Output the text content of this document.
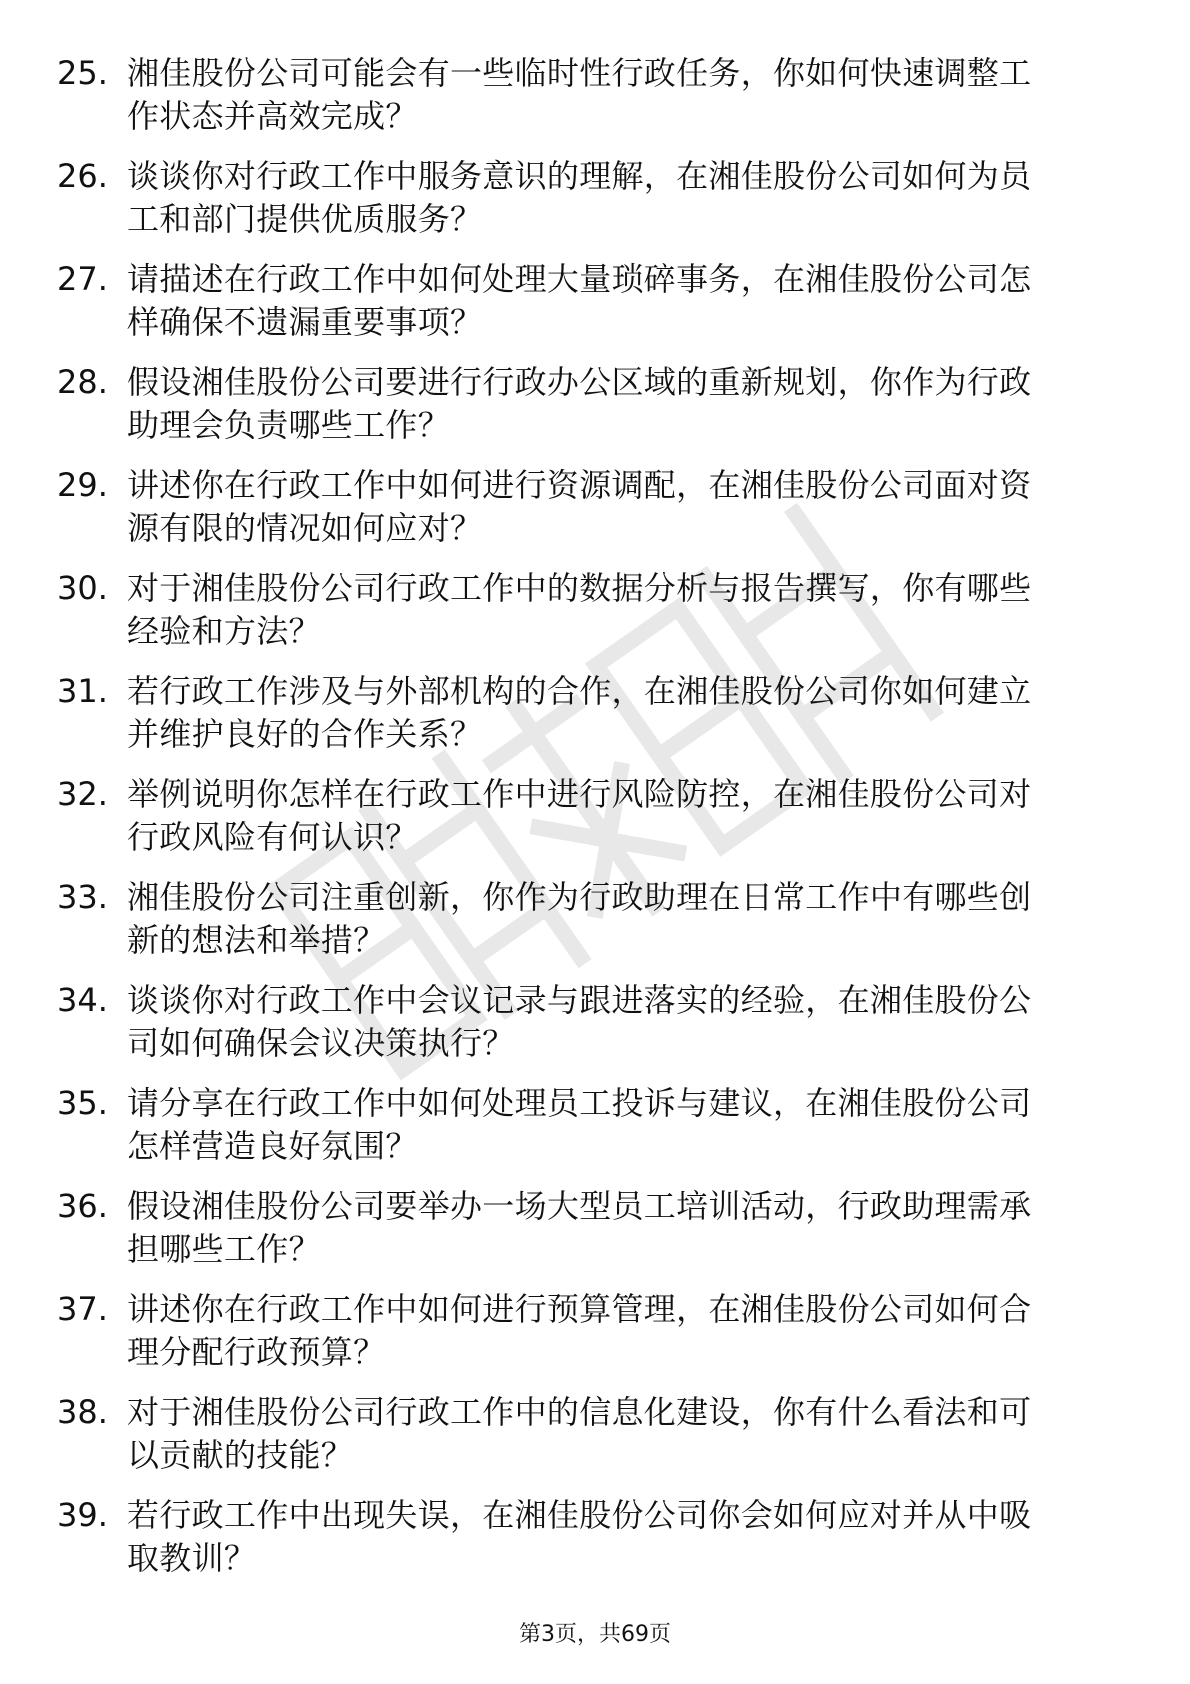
25. 湘佳股份公司可能会有一些临时性行政任务，你如何快速调整工
作状态并高效完成？
26. 谈谈你对行政工作中服务意识的理解，在湘佳股份公司如何为员
工和部门提供优质服务？
27. 请描述在行政工作中如何处理大量琐碎事务，在湘佳股份公司怎
样确保不遗漏重要事项？
28. 假设湘佳股份公司要进行行政办公区域的重新规划，你作为行政
助理会负责哪些工作？
29. 讲述你在行政工作中如何进行资源调配，在湘佳股份公司面对资
源有限的情况如何应对？
30. 对于湘佳股份公司行政工作中的数据分析与报告撰写，你有哪些
经验和方法？
31. 若行政工作涉及与外部机构的合作，在湘佳股份公司你如何建立
并维护良好的合作关系？
32. 举例说明你怎样在行政工作中进行风险防控，在湘佳股份公司对
行政风险有何认识？
33. 湘佳股份公司注重创新，你作为行政助理在日常工作中有哪些创
新的想法和举措？
34. 谈谈你对行政工作中会议记录与跟进落实的经验，在湘佳股份公
司如何确保会议决策执行？
35. 请分享在行政工作中如何处理员工投诉与建议，在湘佳股份公司
怎样营造良好氛围？
36. 假设湘佳股份公司要举办一场大型员工培训活动，行政助理需承
担哪些工作？
37. 讲述你在行政工作中如何进行预算管理，在湘佳股份公司如何合
理分配行政预算？
38. 对于湘佳股份公司行政工作中的信息化建设，你有什么看法和可
以贡献的技能？
39. 若行政工作中出现失误，在湘佳股份公司你会如何应对并从中吸
取教训？
第3页，共69页
